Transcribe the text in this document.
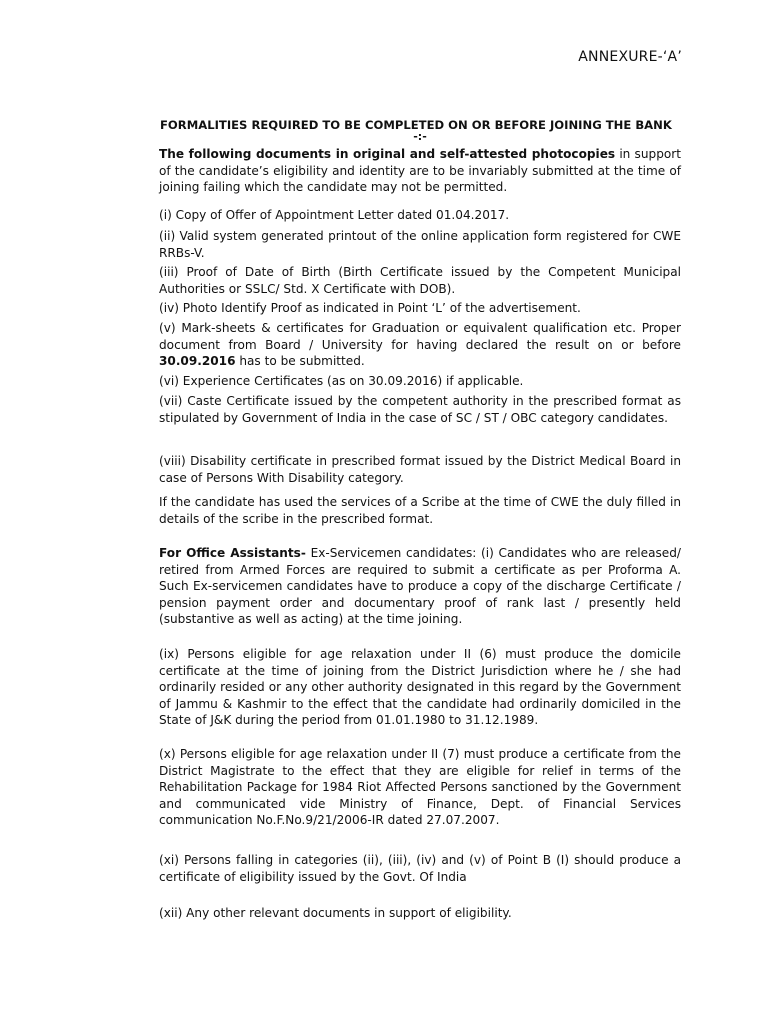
ANNEXURE-‘A’
FORMALITIES REQUIRED TO BE COMPLETED ON OR BEFORE JOINING THE BANK
-:-
The following documents in original and self-attested photocopies in support of the candidate’s eligibility and identity are to be invariably submitted at the time of joining failing which the candidate may not be permitted.
(i) Copy of Offer of Appointment Letter dated 01.04.2017.
(ii) Valid system generated printout of the online application form registered for CWE RRBs-V.
(iii) Proof of Date of Birth (Birth Certificate issued by the Competent Municipal Authorities or SSLC/ Std. X Certificate with DOB).
(iv) Photo Identify Proof as indicated in Point ‘L’ of the advertisement.
(v) Mark-sheets & certificates for Graduation or equivalent qualification etc. Proper document from Board / University for having declared the result on or before 30.09.2016 has to be submitted.
(vi) Experience Certificates (as on 30.09.2016) if applicable.
(vii) Caste Certificate issued by the competent authority in the prescribed format as stipulated by Government of India in the case of SC / ST / OBC category candidates.
(viii) Disability certificate in prescribed format issued by the District Medical Board in case of Persons With Disability category.
If the candidate has used the services of a Scribe at the time of CWE the duly filled in details of the scribe in the prescribed format.
For Office Assistants- Ex-Servicemen candidates: (i) Candidates who are released/ retired from Armed Forces are required to submit a certificate as per Proforma A. Such Ex-servicemen candidates have to produce a copy of the discharge Certificate / pension payment order and documentary proof of rank last / presently held (substantive as well as acting) at the time joining.
(ix) Persons eligible for age relaxation under II (6) must produce the domicile certificate at the time of joining from the District Jurisdiction where he / she had ordinarily resided or any other authority designated in this regard by the Government of Jammu & Kashmir to the effect that the candidate had ordinarily domiciled in the State of J&K during the period from 01.01.1980 to 31.12.1989.
(x) Persons eligible for age relaxation under II (7) must produce a certificate from the District Magistrate to the effect that they are eligible for relief in terms of the Rehabilitation Package for 1984 Riot Affected Persons sanctioned by the Government and communicated vide Ministry of Finance, Dept. of Financial Services communication No.F.No.9/21/2006-IR dated 27.07.2007.
(xi) Persons falling in categories (ii), (iii), (iv) and (v) of Point B (I) should produce a certificate of eligibility issued by the Govt. Of India
(xii) Any other relevant documents in support of eligibility.
